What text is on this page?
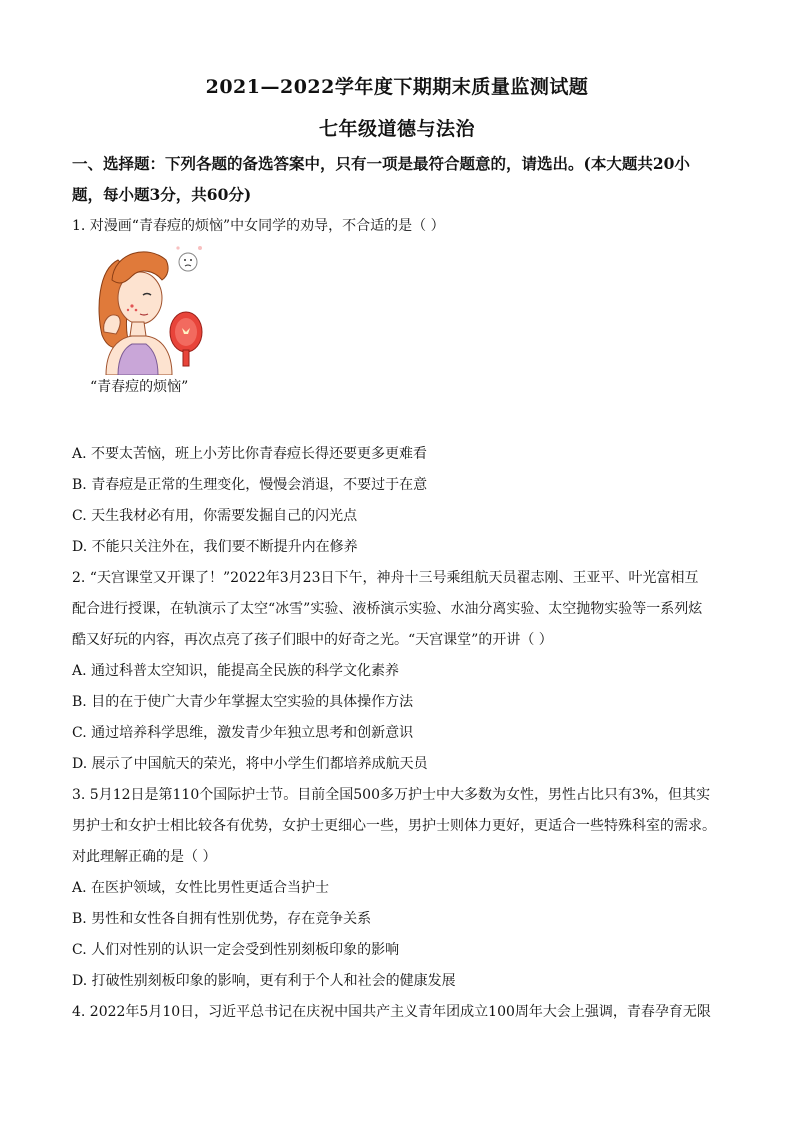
2021—2022学年度下期期末质量监测试题
七年级道德与法治
一、选择题：下列各题的备选答案中，只有一项是最符合题意的，请选出。(本大题共20小
题，每小题3分，共60分)
1. 对漫画“青春痘的烦恼”中女同学的劝导，不合适的是（ ）
“青春痘的烦恼”
A. 不要太苦恼，班上小芳比你青春痘长得还要更多更难看
B. 青春痘是正常的生理变化，慢慢会消退，不要过于在意
C. 天生我材必有用，你需要发掘自己的闪光点
D. 不能只关注外在，我们要不断提升内在修养
2. “天宫课堂又开课了！”2022年3月23日下午，神舟十三号乘组航天员翟志刚、王亚平、叶光富相互
配合进行授课，在轨演示了太空“冰雪”实验、液桥演示实验、水油分离实验、太空抛物实验等一系列炫
酷又好玩的内容，再次点亮了孩子们眼中的好奇之光。“天宫课堂”的开讲（ ）
A. 通过科普太空知识，能提高全民族的科学文化素养
B. 目的在于使广大青少年掌握太空实验的具体操作方法
C. 通过培养科学思维，激发青少年独立思考和创新意识
D. 展示了中国航天的荣光，将中小学生们都培养成航天员
3. 5月12日是第110个国际护士节。目前全国500多万护士中大多数为女性，男性占比只有3%，但其实
男护士和女护士相比较各有优势，女护士更细心一些，男护士则体力更好，更适合一些特殊科室的需求。
对此理解正确的是（ ）
A. 在医护领域，女性比男性更适合当护士
B. 男性和女性各自拥有性别优势，存在竞争关系
C. 人们对性别的认识一定会受到性别刻板印象的影响
D. 打破性别刻板印象的影响，更有利于个人和社会的健康发展
4. 2022年5月10日，习近平总书记在庆祝中国共产主义青年团成立100周年大会上强调，青春孕育无限
